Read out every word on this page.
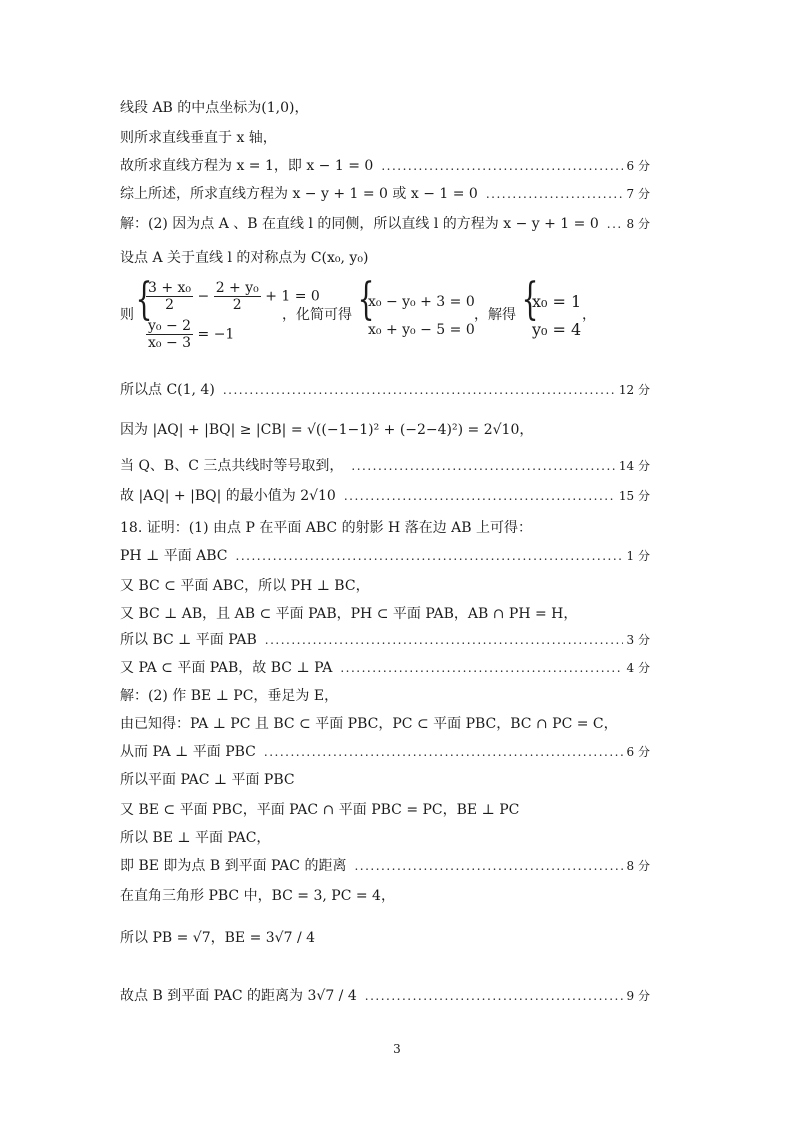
线段 AB 的中点坐标为(1,0)，
则所求直线垂直于 x 轴，
故所求直线方程为 x = 1，即 x − 1 = 0 .....	6 分
综上所述，所求直线方程为 x − y + 1 = 0 或 x − 1 = 0 .....	7 分
解：(2) 因为点 A 、B 在直线 l 的同侧，所以直线 l 的方程为 x − y + 1 = 0 ..... 8 分
设点 A 关于直线 l 的对称点为 C(x₀, y₀)
则 {
$\frac{\text{3 + x₀}}{2} - \frac{\text{2 + y₀}}{2} + 1 = 0$
$\frac{\text{y₀ − 2}}{\text{x₀ − 3}} = -1$
，化简可得 {
x₀ − y₀ + 3 = 0
x₀ + y₀ − 5 = 0
，解得 {
x₀ = 1
y₀ = 4
，
所以点 C(1, 4) .....	12 分
因为 |AQ| + |BQ| ≥ |CB| = √((−1−1)² + (−2−4)²) = 2√10，
当 Q、B、C 三点共线时等号取到， .....	14 分
故 |AQ| + |BQ| 的最小值为 2√10 .....	15 分
18. 证明：(1) 由点 P 在平面 ABC 的射影 H 落在边 AB 上可得：
PH ⊥ 平面 ABC .....	1 分
又 BC ⊂ 平面 ABC，所以 PH ⊥ BC，
又 BC ⊥ AB，且 AB ⊂ 平面 PAB，PH ⊂ 平面 PAB，AB ∩ PH = H，
所以 BC ⊥ 平面 PAB .....	3 分
又 PA ⊂ 平面 PAB，故 BC ⊥ PA .....	4 分
解：(2) 作 BE ⊥ PC，垂足为 E，
由已知得：PA ⊥ PC 且 BC ⊂ 平面 PBC，PC ⊂ 平面 PBC，BC ∩ PC = C，
从而 PA ⊥ 平面 PBC .....	6 分
所以平面 PAC ⊥ 平面 PBC
又 BE ⊂ 平面 PBC，平面 PAC ∩ 平面 PBC = PC，BE ⊥ PC
所以 BE ⊥ 平面 PAC，
即 BE 即为点 B 到平面 PAC 的距离 .....	8 分
在直角三角形 PBC 中，BC = 3, PC = 4，
所以 PB = √7，BE = 3√7 / 4
故点 B 到平面 PAC 的距离为 3√7 / 4 .....	9 分
3
